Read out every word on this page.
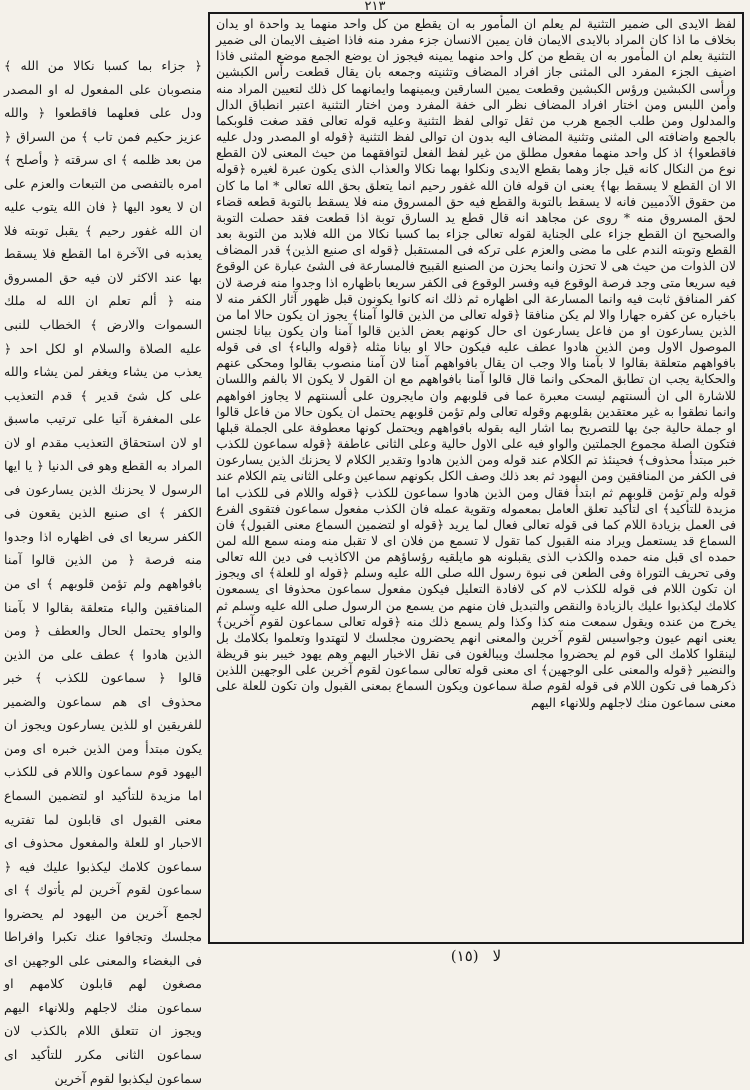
٢١٣

لفظ الايدى الى ضمير التثنية لم يعلم ان المأمور به ان يقطع من كل واحد منهما يد واحدة او يدان بخلاف ما اذا كان المراد بالايدى الايمان فان يمين الانسان جزء مفرد منه فاذا اضيف الايمان الى ضمير التثنية يعلم ان المأمور به ان يقطع من كل واحد منهما يمينه فيجوز ان يوضع الجمع موضع المثنى فاذا اضيف الجزء المفرد الى المثنى جاز افراد المضاف وتثنيته وجمعه بان يقال قطعت رأس الكبشين ورأسى الكبشين ورؤس الكبشين وقطعت يمين السارقين ويمينهما وايمانهما كل ذلك لتعيين المراد منه وأمن اللبس ومن اختار افراد المضاف نظر الى خفة المفرد ومن اختار التثنية اعتبر انطباق الدال والمدلول ومن طلب الجمع هرب من ثقل توالى لفظ التثنية وعليه قوله تعالى فقد صغت قلوبكما بالجمع واضافته الى المثنى وتثنية المضاف اليه بدون ان توالى لفظ التثنية ﴿قوله او المصدر ودل عليه فاقطعوا﴾ اذ كل واحد منهما مفعول مطلق من غير لفظ الفعل لتوافقهما من حيث المعنى لان القطع نوع من النكال كانه قيل جاز وهما بقطع الايدى ونكلوا بهما نكالا والعذاب الذى يكون عبرة لغيره ﴿قوله الا ان القطع لا يسقط بها﴾ يعنى ان قوله فان الله غفور رحيم انما يتعلق بحق الله تعالى * اما ما كان من حقوق الآدميين فانه لا يسقط بالتوبة والقطع فيه حق المسروق منه فلا يسقط بالتوبة قطعه قضاء لحق المسروق منه * روى عن مجاهد انه قال قطع يد السارق توبة اذا قطعت فقد حصلت التوبة والصحيح ان القطع جزاء على الجناية لقوله تعالى جزاء بما كسبا نكالا من الله فلابد من التوبة بعد القطع وتوبته الندم على ما مضى والعزم على تركه فى المستقبل ﴿قوله اى صنيع الذين﴾ قدر المضاف لان الذوات من حيث هى لا تحزن وانما يحزن من الصنيع القبيح فالمسارعة فى الشئ عبارة عن الوقوع فيه سريعا متى وجد فرصة الوقوع فيه وفسر الوقوع فى الكفر سريعا باظهاره اذا وجدوا منه فرصة لان كفر المنافق ثابت فيه وانما المسارعة الى اظهاره ثم ذلك انه كانوا يكونون قبل ظهور آثار الكفر منه لا باخباره عن كفره جهارا والا لم يكن منافقا ﴿قوله تعالى من الذين قالوا آمنا﴾ يجوز ان يكون حالا اما من الذين يسارعون او من فاعل يسارعون اى حال كونهم بعض الذين قالوا آمنا وان يكون بيانا لجنس الموصول الاول ومن الذين هادوا عطف عليه فيكون حالا او بيانا مثله ﴿قوله والباء﴾ اى فى قوله بافواههم متعلقة بقالوا لا بآمنا والا وجب ان يقال بافواههم آمنا لان آمنا منصوب بقالوا ومحكى عنهم والحكاية يجب ان تطابق المحكى وانما قال قالوا آمنا بافواههم مع ان القول لا يكون الا بالفم واللسان للاشارة الى ان ألسنتهم ليست معبرة عما فى قلوبهم وان مايجرون على ألسنتهم لا يجاوز افواههم وانما نطقوا به غير معتقدين بقلوبهم وقوله تعالى ولم تؤمن قلوبهم يحتمل ان يكون حالا من فاعل قالوا او جملة حالية جئ بها للتصريح بما اشار اليه بقوله بافواههم ويحتمل كونها معطوفة على الجملة قبلها فتكون الصلة مجموع الجملتين والواو فيه على الاول حالية وعلى الثانى عاطفة ﴿قوله سماعون للكذب خبر مبتدأ محذوف﴾ فحينئذ تم الكلام عند قوله ومن الذين هادوا وتقدير الكلام لا يحزنك الذين يسارعون فى الكفر من المنافقين ومن اليهود ثم بعد ذلك وصف الكل بكونهم سماعين وعلى الثانى يتم الكلام عند قوله ولم تؤمن قلوبهم ثم ابتدأ فقال ومن الذين هادوا سماعون للكذب ﴿قوله واللام فى للكذب اما مزيدة للتأكيد﴾ اى لتأكيد تعلق العامل بمعموله وتقوية عمله فان الكذب مفعول سماعون فتقوى الفرع فى العمل بزيادة اللام كما فى قوله تعالى فعال لما يريد ﴿قوله او لتضمين السماع معنى القبول﴾ فان السماع قد يستعمل ويراد منه القبول كما تقول لا تسمع من فلان اى لا تقبل منه ومنه سمع الله لمن حمده اى قبل منه حمده والكذب الذى يقبلونه هو مايلقيه رؤساؤهم من الاكاذيب فى دين الله تعالى وفى تحريف التوراة وفى الطعن فى نبوة رسول الله صلى الله عليه وسلم ﴿قوله او للعلة﴾ اى ويجوز ان تكون اللام فى قوله للكذب لام كى لافادة التعليل فيكون مفعول سماعون محذوفا اى يسمعون كلامك ليكذبوا عليك بالزيادة والنقص والتبديل فان منهم من يسمع من الرسول صلى الله عليه وسلم ثم يخرج من عنده ويقول سمعت منه كذا وكذا ولم يسمع ذلك منه ﴿قوله تعالى سماعون لقوم آخرين﴾ يعنى انهم عيون وجواسيس لقوم آخرين والمعنى انهم يحضرون مجلسك لا لتهتدوا وتعلموا بكلامك بل لينقلوا كلامك الى قوم لم يحضروا مجلسك ويبالغون فى نقل الاخبار اليهم وهم يهود خيبر بنو قريظة والنضير ﴿قوله والمعنى على الوجهين﴾ اى معنى قوله تعالى سماعون لقوم آخرين على الوجهين اللذين ذكرهما فى تكون اللام فى قوله لقوم صلة سماعون ويكون السماع بمعنى القبول وان تكون للعلة على معنى سماعون منك لاجلهم وللانهاء اليهم

﴿ جزاء بما كسبا نكالا من الله ﴾ منصوبان على المفعول له او المصدر ودل على فعلهما فاقطعوا ﴿ والله عزيز حكيم فمن تاب ﴾ من السراق ﴿ من بعد ظلمه ﴾ اى سرقته ﴿ وأصلح ﴾ امره بالتفصى من التبعات والعزم على ان لا يعود اليها ﴿ فان الله يتوب عليه ان الله غفور رحيم ﴾ يقبل توبته فلا يعذبه فى الآخرة اما القطع فلا يسقط بها عند الاكثر لان فيه حق المسروق منه ﴿ ألم تعلم ان الله له ملك السموات والارض ﴾ الخطاب للنبى عليه الصلاة والسلام او لكل احد ﴿ يعذب من يشاء ويغفر لمن يشاء والله على كل شئ قدير ﴾ قدم التعذيب على المغفرة آتيا على ترتيب ماسبق او لان استحقاق التعذيب مقدم او لان المراد به القطع وهو فى الدنيا ﴿ يا ايها الرسول لا يحزنك الذين يسارعون فى الكفر ﴾ اى صنيع الذين يقعون فى الكفر سريعا اى فى اظهاره اذا وجدوا منه فرصة ﴿ من الذين قالوا آمنا بافواههم ولم تؤمن قلوبهم ﴾ اى من المنافقين والباء متعلقة بقالوا لا بآمنا والواو يحتمل الحال والعطف ﴿ ومن الذين هادوا ﴾ عطف على من الذين قالوا ﴿ سماعون للكذب ﴾ خبر محذوف اى هم سماعون والضمير للفريقين او للذين يسارعون ويجوز ان يكون مبتدأ ومن الذين خبره اى ومن اليهود قوم سماعون واللام فى للكذب اما مزيدة للتأكيد او لتضمين السماع معنى القبول اى قابلون لما تفتريه الاحبار او للعلة والمفعول محذوف اى سماعون كلامك ليكذبوا عليك فيه ﴿ سماعون لقوم آخرين لم يأتوك ﴾ اى لجمع آخرين من اليهود لم يحضروا مجلسك وتجافوا عنك تكبرا وافراطا فى البغضاء والمعنى على الوجهين اى مصغون لهم قابلون كلامهم او سماعون منك لاجلهم وللانهاء اليهم ويجوز ان تتعلق اللام بالكذب لان سماعون الثانى مكرر للتأكيد اى سماعون ليكذبوا لقوم آخرين

(١٥) لا
